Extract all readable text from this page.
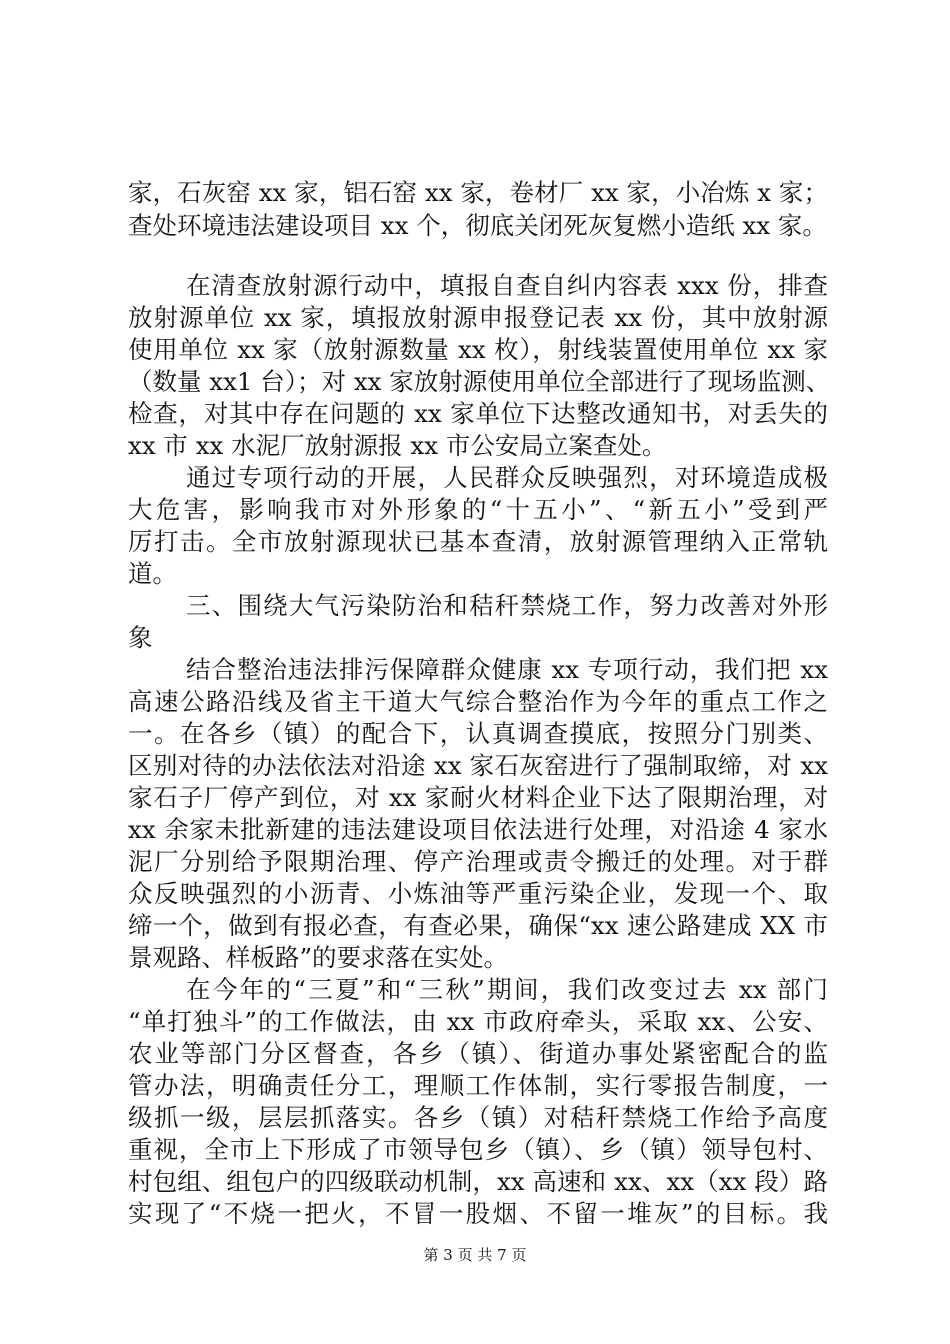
家，石灰窑 xx 家，铝石窑 xx 家，卷材厂 xx 家，小冶炼 x 家；
查处环境违法建设项目 xx 个，彻底关闭死灰复燃小造纸 xx 家。
在清查放射源行动中，填报自查自纠内容表 xxx 份，排查
放射源单位 xx 家，填报放射源申报登记表 xx 份，其中放射源
使用单位 xx 家（放射源数量 xx 枚），射线装置使用单位 xx 家
（数量 xx1 台）；对 xx 家放射源使用单位全部进行了现场监测、
检查，对其中存在问题的 xx 家单位下达整改通知书，对丢失的
xx 市 xx 水泥厂放射源报 xx 市公安局立案查处。
通过专项行动的开展，人民群众反映强烈，对环境造成极
大危害，影响我市对外形象的“十五小”、“新五小”受到严
厉打击。全市放射源现状已基本查清，放射源管理纳入正常轨
道。
三、围绕大气污染防治和秸秆禁烧工作，努力改善对外形
象
结合整治违法排污保障群众健康 xx 专项行动，我们把 xx
高速公路沿线及省主干道大气综合整治作为今年的重点工作之
一。在各乡（镇）的配合下，认真调查摸底，按照分门别类、
区别对待的办法依法对沿途 xx 家石灰窑进行了强制取缔，对 xx
家石子厂停产到位，对 xx 家耐火材料企业下达了限期治理，对
xx 余家未批新建的违法建设项目依法进行处理，对沿途 4 家水
泥厂分别给予限期治理、停产治理或责令搬迁的处理。对于群
众反映强烈的小沥青、小炼油等严重污染企业，发现一个、取
缔一个，做到有报必查，有查必果，确保“xx 速公路建成 XX 市
景观路、样板路”的要求落在实处。
在今年的“三夏”和“三秋”期间，我们改变过去 xx 部门
“单打独斗”的工作做法，由 xx 市政府牵头，采取 xx、公安、
农业等部门分区督查，各乡（镇）、街道办事处紧密配合的监
管办法，明确责任分工，理顺工作体制，实行零报告制度，一
级抓一级，层层抓落实。各乡（镇）对秸秆禁烧工作给予高度
重视，全市上下形成了市领导包乡（镇）、乡（镇）领导包村、
村包组、组包户的四级联动机制，xx 高速和 xx、xx（xx 段）路
实现了“不烧一把火，不冒一股烟、不留一堆灰”的目标。我
第 3 页 共 7 页
